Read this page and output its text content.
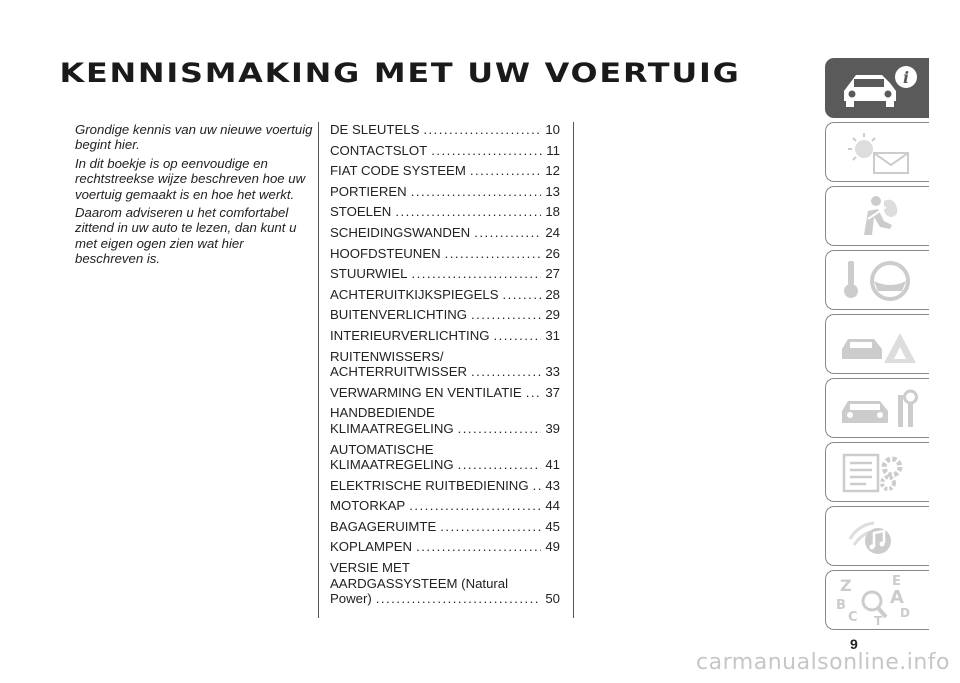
KENNISMAKING MET UW VOERTUIG

Grondige kennis van uw nieuwe voertuig begint hier.

In dit boekje is op eenvoudige en rechtstreekse wijze beschreven hoe uw voertuig gemaakt is en hoe het werkt.

Daarom adviseren u het comfortabel zittend in uw auto te lezen, dan kunt u met eigen ogen zien wat hier beschreven is.

DE SLEUTELS . . .	10
CONTACTSLOT . . .	11
FIAT CODE SYSTEEM . . .	12
PORTIEREN . . .	13
STOELEN . . .	18
SCHEIDINGSWANDEN . . .	24
HOOFDSTEUNEN . . .	26
STUURWIEL . . .	27
ACHTERUITKIJKSPIEGELS . . .	28
BUITENVERLICHTING . . .	29
INTERIEURVERLICHTING . . .	31
RUITENWISSERS/
ACHTERRUITWISSER . . .	33
VERWARMING EN VENTILATIE . . . 37
HANDBEDIENDE
KLIMAATREGELING . . .	39
AUTOMATISCHE
KLIMAATREGELING . . .	41
ELEKTRISCHE RUITBEDIENING . . . 43
MOTORKAP . . .	44
BAGAGERUIMTE . . .	45
KOPLAMPEN . . .	49
VERSIE MET
AARDGASSYSTEEM (Natural
Power) . . .	50
i
Z	E
B A
C	D
T
9
carmanualsonline.info
